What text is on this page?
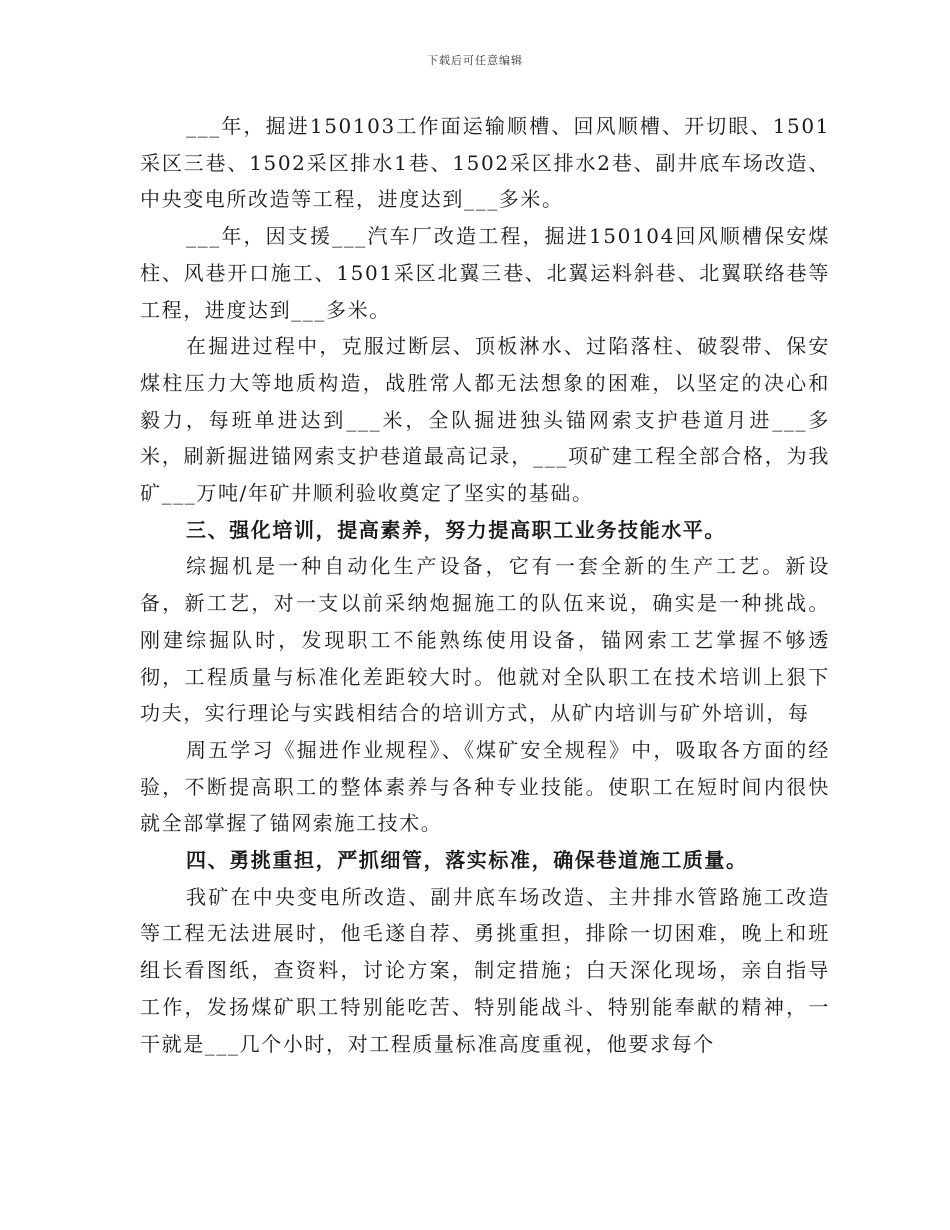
下载后可任意编辑

___年，掘进150103工作面运输顺槽、回风顺槽、开切眼、1501采区三巷、1502采区排水1巷、1502采区排水2巷、副井底车场改造、中央变电所改造等工程，进度达到___多米。

___年，因支援___汽车厂改造工程，掘进150104回风顺槽保安煤柱、风巷开口施工、1501采区北翼三巷、北翼运料斜巷、北翼联络巷等工程，进度达到___多米。

在掘进过程中，克服过断层、顶板淋水、过陷落柱、破裂带、保安煤柱压力大等地质构造，战胜常人都无法想象的困难，以坚定的决心和毅力，每班单进达到___米，全队掘进独头锚网索支护巷道月进___多米，刷新掘进锚网索支护巷道最高记录，___项矿建工程全部合格，为我矿___万吨/年矿井顺利验收奠定了坚实的基础。

三、强化培训，提高素养，努力提高职工业务技能水平。

综掘机是一种自动化生产设备，它有一套全新的生产工艺。新设备，新工艺，对一支以前采纳炮掘施工的队伍来说，确实是一种挑战。刚建综掘队时，发现职工不能熟练使用设备，锚网索工艺掌握不够透彻，工程质量与标准化差距较大时。他就对全队职工在技术培训上狠下功夫，实行理论与实践相结合的培训方式，从矿内培训与矿外培训，每

周五学习《掘进作业规程》、《煤矿安全规程》中，吸取各方面的经验，不断提高职工的整体素养与各种专业技能。使职工在短时间内很快就全部掌握了锚网索施工技术。

四、勇挑重担，严抓细管，落实标准，确保巷道施工质量。

我矿在中央变电所改造、副井底车场改造、主井排水管路施工改造等工程无法进展时，他毛遂自荐、勇挑重担，排除一切困难，晚上和班组长看图纸，查资料，讨论方案，制定措施；白天深化现场，亲自指导工作，发扬煤矿职工特别能吃苦、特别能战斗、特别能奉献的精神，一干就是___几个小时，对工程质量标准高度重视，他要求每个
